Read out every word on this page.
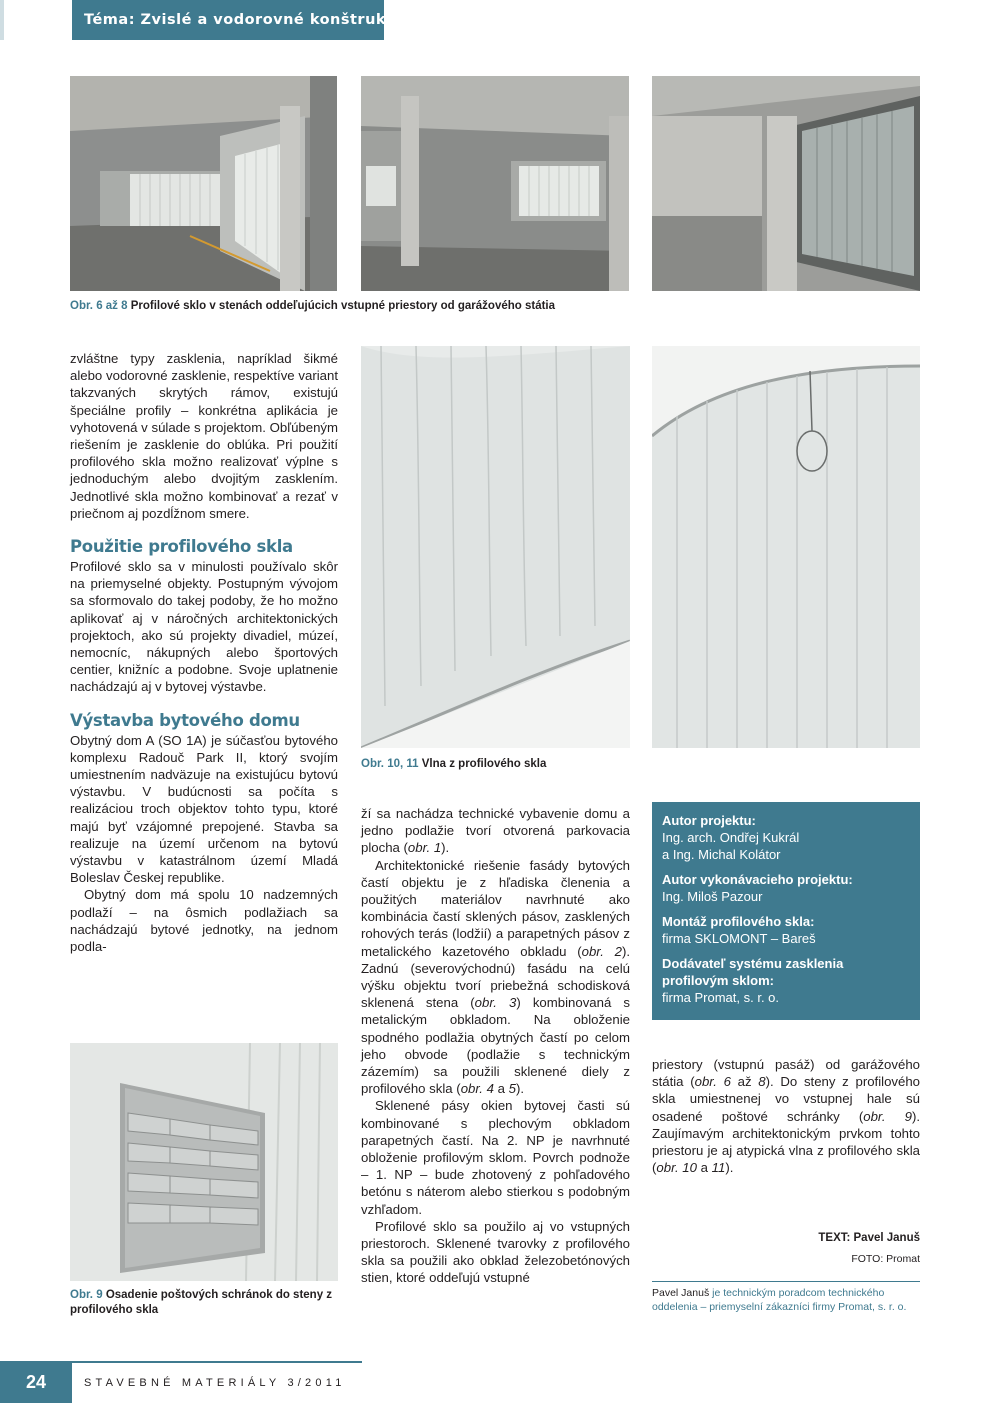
Téma: Zvislé a vodorovné konštrukcie
Obr. 6 až 8 Profilové sklo v stenách oddeľujúcich vstupné priestory od garážového státia

zvláštne typy zasklenia, napríklad šikmé alebo vodorovné zasklenie, respektíve variant takzvaných skrytých rámov, existujú špeciálne profily – konkrétna aplikácia je vyhotovená v súlade s projektom. Obľúbeným riešením je zasklenie do oblúka. Pri použití profilového skla možno realizovať výplne s jednoduchým alebo dvojitým zasklením. Jednotlivé skla možno kombinovať a rezať v priečnom aj pozdĺžnom smere.

Použitie profilového skla

Profilové sklo sa v minulosti používalo skôr na priemyselné objekty. Postupným vývojom sa sformovalo do takej podoby, že ho možno aplikovať aj v náročných architektonických projektoch, ako sú projekty divadiel, múzeí, nemocníc, nákupných alebo športových centier, knižníc a podobne. Svoje uplatnenie nachádzajú aj v bytovej výstavbe.

Výstavba bytového domu

Obytný dom A (SO 1A) je súčasťou bytového komplexu Radouč Park II, ktorý svojím umiestnením nadväzuje na existujúcu bytovú výstavbu. V budúcnosti sa počíta s realizáciou troch objektov tohto typu, ktoré majú byť vzájomné prepojené. Stavba sa realizuje na území určenom na bytovú výstavbu v katastrálnom území Mladá Boleslav Českej republike.

Obytný dom má spolu 10 nadzemných podlaží – na ôsmich podlažiach sa nachádzajú bytové jednotky, na jednom podla-

Obr. 9 Osadenie poštových schránok do steny z profilového skla
Obr. 10, 11 Vlna z profilového skla

ží sa nachádza technické vybavenie domu a jedno podlažie tvorí otvorená parkovacia plocha (obr. 1).

Architektonické riešenie fasády bytových častí objektu je z hľadiska členenia a použitých materiálov navrhnuté ako kombinácia častí sklených pásov, zasklených rohových terás (lodžií) a parapetných pásov z metalického kazetového obkladu (obr. 2). Zadnú (severovýchodnú) fasádu na celú výšku objektu tvorí priebežná schodisková sklenená stena (obr. 3) kombinovaná s metalickým obkladom. Na obloženie spodného podlažia obytných častí po celom jeho obvode (podlažie s technickým zázemím) sa použili sklenené diely z profilového skla (obr. 4 a 5).

Sklenené pásy okien bytovej časti sú kombinované s plechovým obkladom parapetných častí. Na 2. NP je navrhnuté obloženie profilovým sklom. Povrch podnože – 1. NP – bude zhotovený z pohľadového betónu s náterom alebo stierkou s podobným vzhľadom.

Profilové sklo sa použilo aj vo vstupných priestoroch. Sklenené tvarovky z profilového skla sa použili ako obklad železobetónových stien, ktoré oddeľujú vstupné

Autor projektu:
Ing. arch. Ondřej Kukrál
a Ing. Michal Kolátor
Autor vykonávacieho projektu:
Ing. Miloš Pazour
Montáž profilového skla:
firma SKLOMONT – Bareš
Dodávateľ systému zasklenia
profilovým sklom:
firma Promat, s. r. o.

priestory (vstupnú pasáž) od garážového státia (obr. 6 až 8). Do steny z profilového skla umiestnenej vo vstupnej hale sú osadené poštové schránky (obr. 9). Zaujímavým architektonickým prvkom tohto priestoru je aj atypická vlna z profilového skla (obr. 10 a 11).

TEXT: Pavel Januš
FOTO: Promat
Pavel Januš je technickým poradcom technického oddelenia – priemyselní zákazníci firmy Promat, s. r. o.
24	STAVEBNÉ MATERIÁLY 3/2011
